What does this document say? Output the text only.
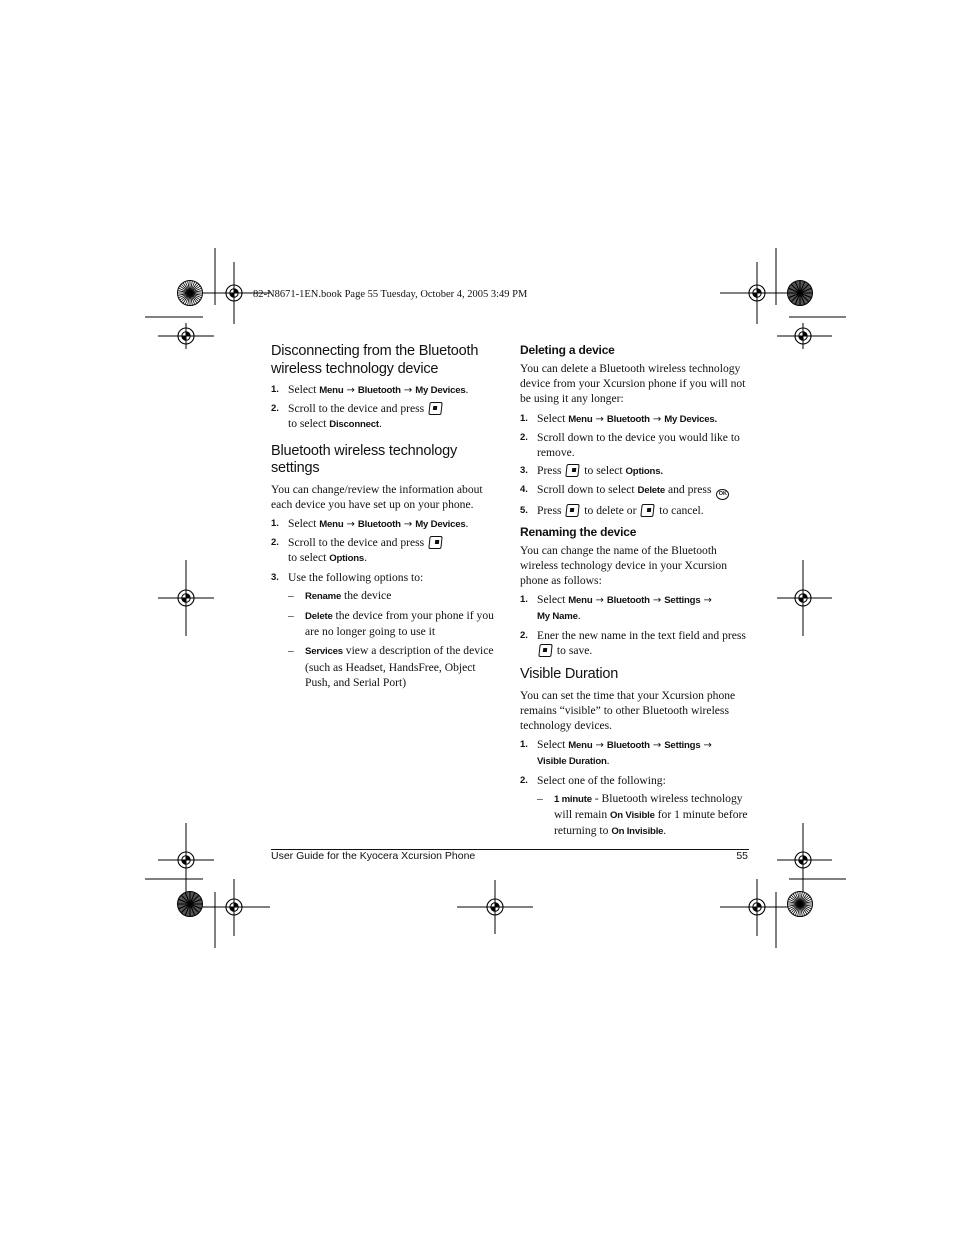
82-N8671-1EN.book Page 55 Tuesday, October 4, 2005 3:49 PM
Disconnecting from the Bluetooth wireless technology device
1. Select Menu → Bluetooth → My Devices.
2. Scroll to the device and press
to select Disconnect.
Bluetooth wireless technology settings

You can change/review the information about each device you have set up on your phone.

1. Select Menu → Bluetooth → My Devices.
2. Scroll to the device and press
to select Options.
3. Use the following options to:
– Rename the device
– Delete the device from your phone if you are no longer going to use it
– Services view a description of the device (such as Headset, HandsFree, Object Push, and Serial Port)
Deleting a device

You can delete a Bluetooth wireless technology device from your Xcursion phone if you will not be using it any longer:

1. Select Menu → Bluetooth → My Devices.
2. Scroll down to the device you would like to remove.
3. Press to select Options.
4. Scroll down to select Delete and press OK
5. Press to delete or to cancel.
Renaming the device

You can change the name of the Bluetooth wireless technology device in your Xcursion phone as follows:

1. Select Menu → Bluetooth → Settings →
My Name.
2. Ener the new name in the text field and press
to save.
Visible Duration

You can set the time that your Xcursion phone remains “visible” to other Bluetooth wireless technology devices.

1. Select Menu → Bluetooth → Settings →
Visible Duration.
2. Select one of the following:
– 1 minute - Bluetooth wireless technology will remain On Visible for 1 minute before returning to On Invisible.
User Guide for the Kyocera Xcursion Phone	55
